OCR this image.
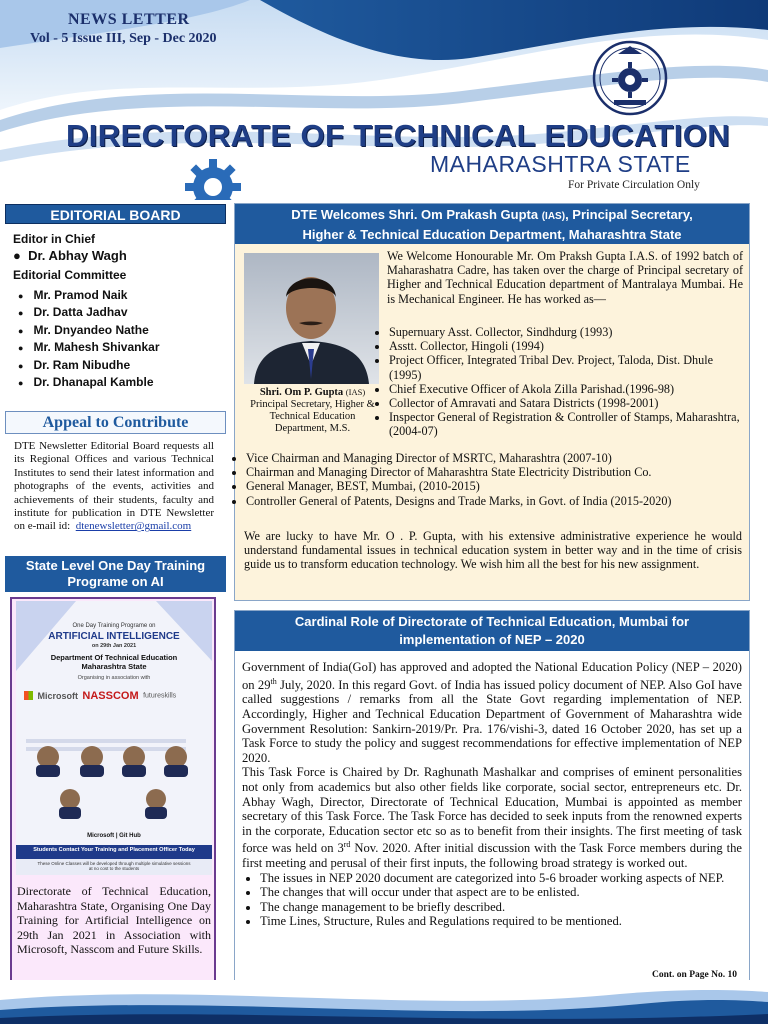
NEWS LETTER
Vol - 5 Issue III, Sep - Dec 2020
DIRECTORATE OF TECHNICAL EDUCATION
MAHARASHTRA STATE
For Private Circulation Only
EDITORIAL BOARD
Editor in Chief
●  Dr. Abhay Wagh
Editorial Committee
● Mr. Pramod Naik
● Dr. Datta Jadhav
● Mr. Dnyandeo Nathe
● Mr. Mahesh Shivankar
● Dr. Ram Nibudhe
● Dr. Dhanapal Kamble
Appeal to Contribute
DTE Newsletter Editorial Board requests all its Regional Offices and various Technical Institutes to send their latest information and photographs of the events, activities and achievements of their students, faculty and institute for publication in DTE Newsletter on e-mail id: dtenewsletter@gmail.com
State Level One Day Training Programe on AI
One Day Training Programe on
ARTIFICIAL INTELLIGENCE
on 29th Jan 2021
Department Of Technical Education
Maharashtra State
Organising in association with
Microsoft NASSCOM futureskills
Microsoft | Git Hub
Students Contact Your Training and Placement Officer Today
These Online Classes will be developed through multiple simulative sessions at no cost to the students
Directorate of Technical Education, Maharashtra State, Organising One Day Training for Artificial Intelligence on 29th Jan 2021 in Association with Microsoft, Nasscom and Future Skills.
DTE Welcomes Shri. Om Prakash Gupta (IAS), Principal Secretary,
Higher & Technical Education Department, Maharashtra State
Shri. Om P. Gupta (IAS)
Principal Secretary, Higher & Technical Education Department, M.S.
We Welcome Honourable Mr. Om Praksh Gupta I.A.S. of 1992 batch of Maharashatra Cadre, has taken over the charge of Principal secretary of Higher and Technical Education department of Mantralaya Mumbai. He is Mechanical Engineer. He has worked as—
• Supernuary Asst. Collector, Sindhdurg (1993)
• Asstt. Collector, Hingoli (1994)
• Project Officer, Integrated Tribal Dev. Project, Taloda, Dist. Dhule (1995)
• Chief Executive Officer of Akola Zilla Parishad.(1996-98)
• Collector of Amravati and Satara Districts (1998-2001)
• Inspector General of Registration & Controller of Stamps, Maharashtra,(2004-07)
• Vice Chairman and Managing Director of MSRTC, Maharashtra (2007-10)
• Chairman and Managing Director of Maharashtra State Electricity Distribution Co.
• General Manager, BEST, Mumbai, (2010-2015)
• Controller General of Patents, Designs and Trade Marks, in Govt. of India (2015-2020)
We are lucky to have Mr. O . P. Gupta, with his extensive administrative experience he would understand fundamental issues in technical education system in better way and in the time of crisis guide us to transform education technology. We wish him all the best for his new assignment.
Cardinal Role of Directorate of Technical Education, Mumbai for
implementation of NEP – 2020
Government of India(GoI) has approved and adopted the National Education Policy (NEP – 2020) on 29th July, 2020. In this regard Govt. of India has issued policy document of NEP. Also GoI have called suggestions / remarks from all the State Govt regarding implementation of NEP. Accordingly, Higher and Technical Education Department of Government of Maharashtra wide Government Resolution: Sankirn-2019/Pr. Pra. 176/vishi-3, dated 16 October 2020, has set up a Task Force to study the policy and suggest recommendations for effective implementation of NEP 2020.
This Task Force is Chaired by Dr. Raghunath Mashalkar and comprises of eminent personalities not only from academics but also other fields like corporate, social sector, entrepreneurs etc. Dr. Abhay Wagh, Director, Directorate of Technical Education, Mumbai is appointed as member secretary of this Task Force. The Task Force has decided to seek inputs from the renowned experts in the corporate, Education sector etc so as to benefit from their insights. The first meeting of task force was held on 3rd Nov. 2020. After initial discussion with the Task Force members during the first meeting and perusal of their first inputs, the following broad strategy is worked out.
• The issues in NEP 2020 document are categorized into 5-6 broader working aspects of NEP.
• The changes that will occur under that aspect are to be enlisted.
• The change management to be briefly described.
• Time Lines, Structure, Rules and Regulations required to be mentioned.
Cont. on Page No. 10
